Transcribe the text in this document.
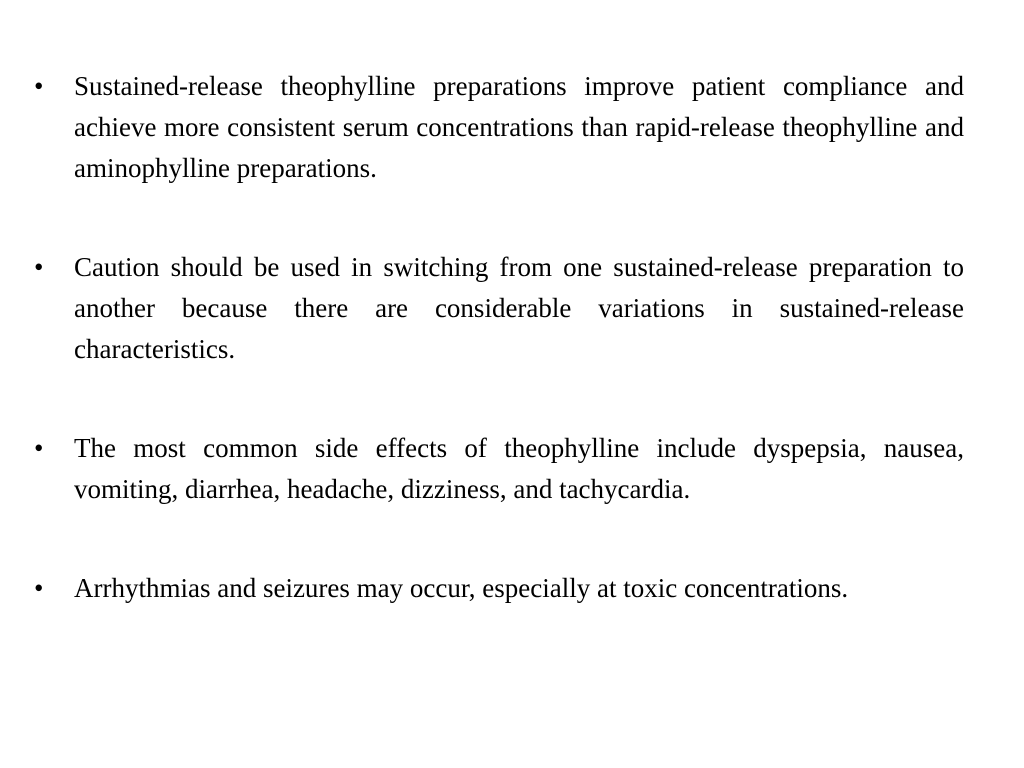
•	Sustained-release theophylline preparations improve patient compliance and achieve more consistent serum concentrations than rapid-release theophylline and aminophylline preparations.
•	Caution should be used in switching from one sustained-release preparation to another because there are considerable variations in sustained-release characteristics.
•	The most common side effects of theophylline include dyspepsia, nausea, vomiting, diarrhea, headache, dizziness, and tachycardia.
•	Arrhythmias and seizures may occur, especially at toxic concentrations.
